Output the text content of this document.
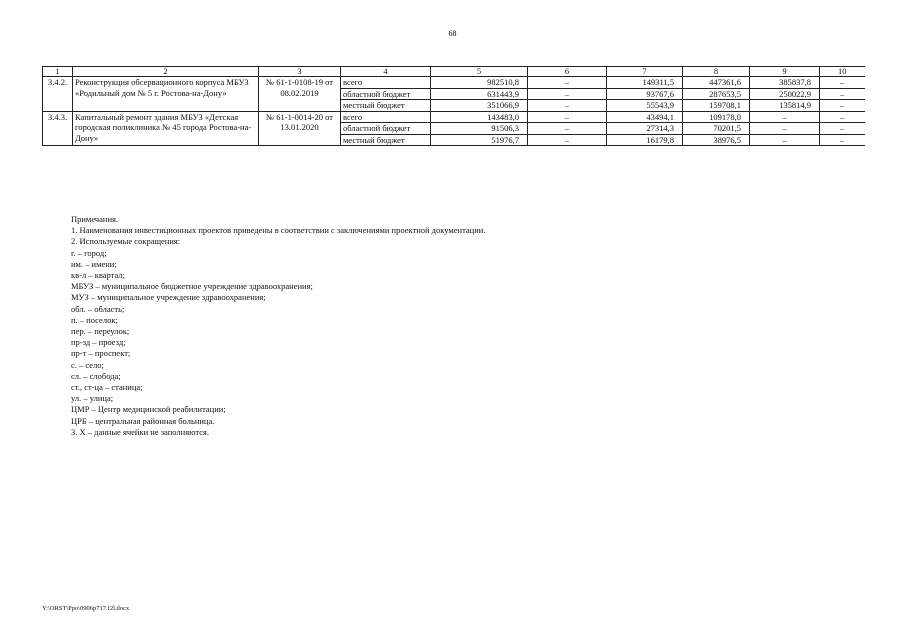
68
1	2	3	4	5	6	7	8	9	10
3.4.2.	Реконструкция обсервационного корпуса МБУЗ «Родильный дом № 5 г. Ростова-на-Дону»	№ 61-1-0108-19 от 08.02.2019	всего	982510,8	–	149311,5	447361,6	385837,8	–
			областной бюджет	631443,9	–	93767,6	287653,5	250022,9	–
			местный бюджет	351066,9	–	55543,9	159708,1	135814,9	–
3.4.3.	Капитальный ремонт здания МБУЗ «Детская городская поликлиника № 45 города Ростова-на-Дону»	№ 61-1-0014-20 от 13.01.2020	всего	143483,0	–	43494,1	109178,0	–	–
			областной бюджет	91506,3	–	27314,3	70201,5	–	–
			местный бюджет	51976,7	–	16179,8	38976,5	–	–
Примечания.
1. Наименования инвестиционных проектов приведены в соответствии с заключениями проектной документации.
2. Используемые сокращения:
г. – город;
им. – имени;
кв-л – квартал;
МБУЗ – муниципальное бюджетное учреждение здравоохранения;
МУЗ – муниципальное учреждение здравоохранения;
обл. – область;
п. – поселок;
пер. – переулок;
пр-зд – проезд;
пр-т – проспект;
с. – село;
сл. – слобода;
ст., ст-ца – станица;
ул. – улица;
ЦМР – Центр медицинской реабилитации;
ЦРБ – центральная районная больница.
3. Х – данные ячейки не заполняются.
Y:\ORST\Ppo\0906p717.f2l.docx
